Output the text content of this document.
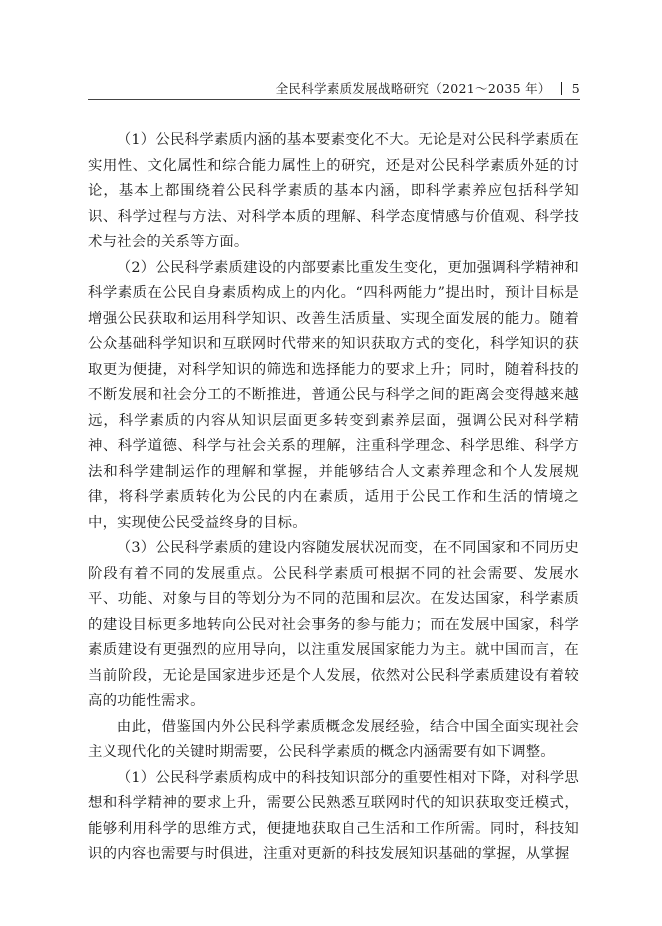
全民科学素质发展战略研究（2021～2035 年） 5

（1）公民科学素质内涵的基本要素变化不大。无论是对公民科学素质在实用性、文化属性和综合能力属性上的研究，还是对公民科学素质外延的讨论，基本上都围绕着公民科学素质的基本内涵，即科学素养应包括科学知识、科学过程与方法、对科学本质的理解、科学态度情感与价值观、科学技术与社会的关系等方面。

（2）公民科学素质建设的内部要素比重发生变化，更加强调科学精神和科学素质在公民自身素质构成上的内化。“四科两能力”提出时，预计目标是增强公民获取和运用科学知识、改善生活质量、实现全面发展的能力。随着公众基础科学知识和互联网时代带来的知识获取方式的变化，科学知识的获取更为便捷，对科学知识的筛选和选择能力的要求上升；同时，随着科技的不断发展和社会分工的不断推进，普通公民与科学之间的距离会变得越来越远，科学素质的内容从知识层面更多转变到素养层面，强调公民对科学精神、科学道德、科学与社会关系的理解，注重科学理念、科学思维、科学方法和科学建制运作的理解和掌握，并能够结合人文素养理念和个人发展规律，将科学素质转化为公民的内在素质，适用于公民工作和生活的情境之中，实现使公民受益终身的目标。

（3）公民科学素质的建设内容随发展状况而变，在不同国家和不同历史阶段有着不同的发展重点。公民科学素质可根据不同的社会需要、发展水平、功能、对象与目的等划分为不同的范围和层次。在发达国家，科学素质的建设目标更多地转向公民对社会事务的参与能力；而在发展中国家，科学素质建设有更强烈的应用导向，以注重发展国家能力为主。就中国而言，在当前阶段，无论是国家进步还是个人发展，依然对公民科学素质建设有着较高的功能性需求。

由此，借鉴国内外公民科学素质概念发展经验，结合中国全面实现社会主义现代化的关键时期需要，公民科学素质的概念内涵需要有如下调整。

（1）公民科学素质构成中的科技知识部分的重要性相对下降，对科学思想和科学精神的要求上升，需要公民熟悉互联网时代的知识获取变迁模式，能够利用科学的思维方式，便捷地获取自己生活和工作所需。同时，科技知识的内容也需要与时俱进，注重对更新的科技发展知识基础的掌握，从掌握
